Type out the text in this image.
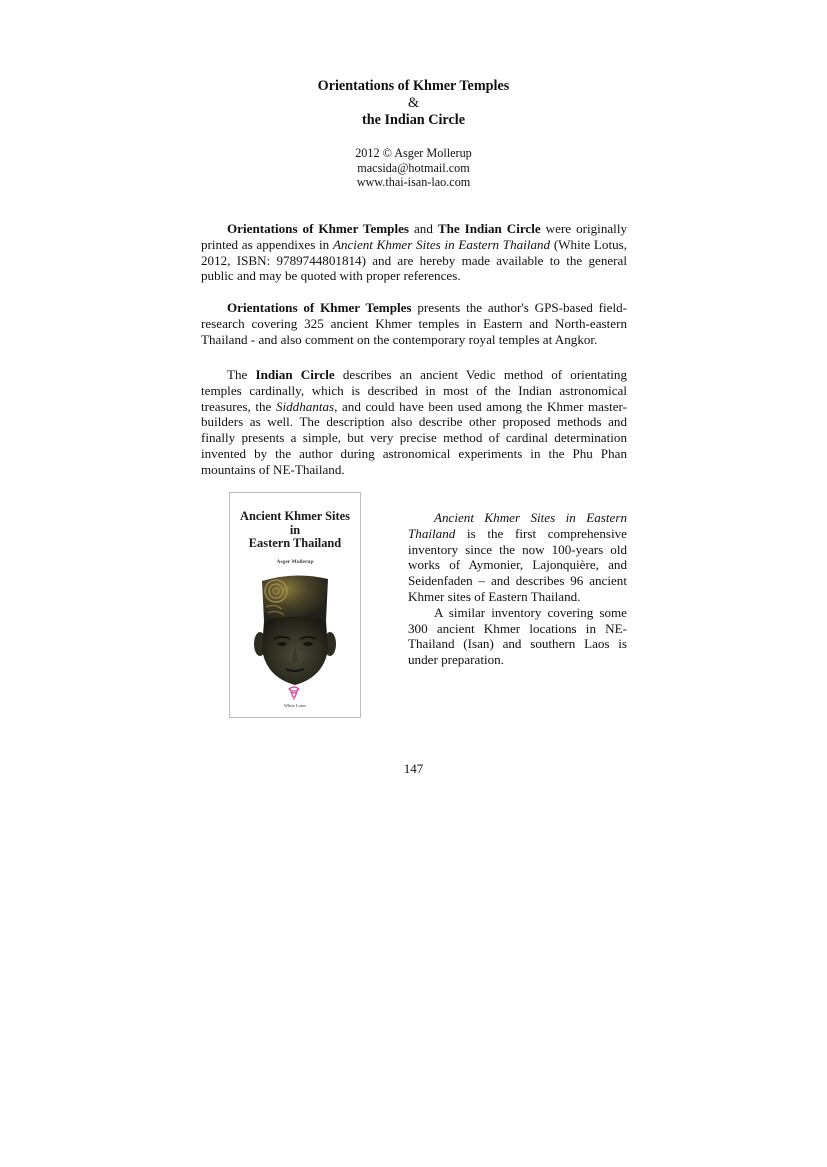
Orientations of Khmer Temples
&
the Indian Circle
2012 © Asger Mollerup
macsida@hotmail.com
www.thai-isan-lao.com

Orientations of Khmer Temples and The Indian Circle were originally printed as appendixes in Ancient Khmer Sites in Eastern Thailand (White Lotus, 2012, ISBN: 9789744801814) and are hereby made available to the general public and may be quoted with proper references.

Orientations of Khmer Temples presents the author's GPS-based field-research covering 325 ancient Khmer temples in Eastern and North-eastern Thailand - and also comment on the contemporary royal temples at Angkor.

The Indian Circle describes an ancient Vedic method of orientating temples cardinally, which is described in most of the Indian astronomical treasures, the Siddhantas, and could have been used among the Khmer master-builders as well. The description also describe other proposed methods and finally presents a simple, but very precise method of cardinal determination invented by the author during astronomical experiments in the Phu Phan mountains of NE-Thailand.

Ancient Khmer Sites
in
Eastern Thailand
Asger Mollerup
White Lotus

Ancient Khmer Sites in Eastern Thailand is the first comprehensive inventory since the now 100-years old works of Aymonier, Lajonquière, and Seidenfaden – and describes 96 ancient Khmer sites of Eastern Thailand.

A similar inventory covering some 300 ancient Khmer locations in NE-Thailand (Isan) and southern Laos is under preparation.

147
